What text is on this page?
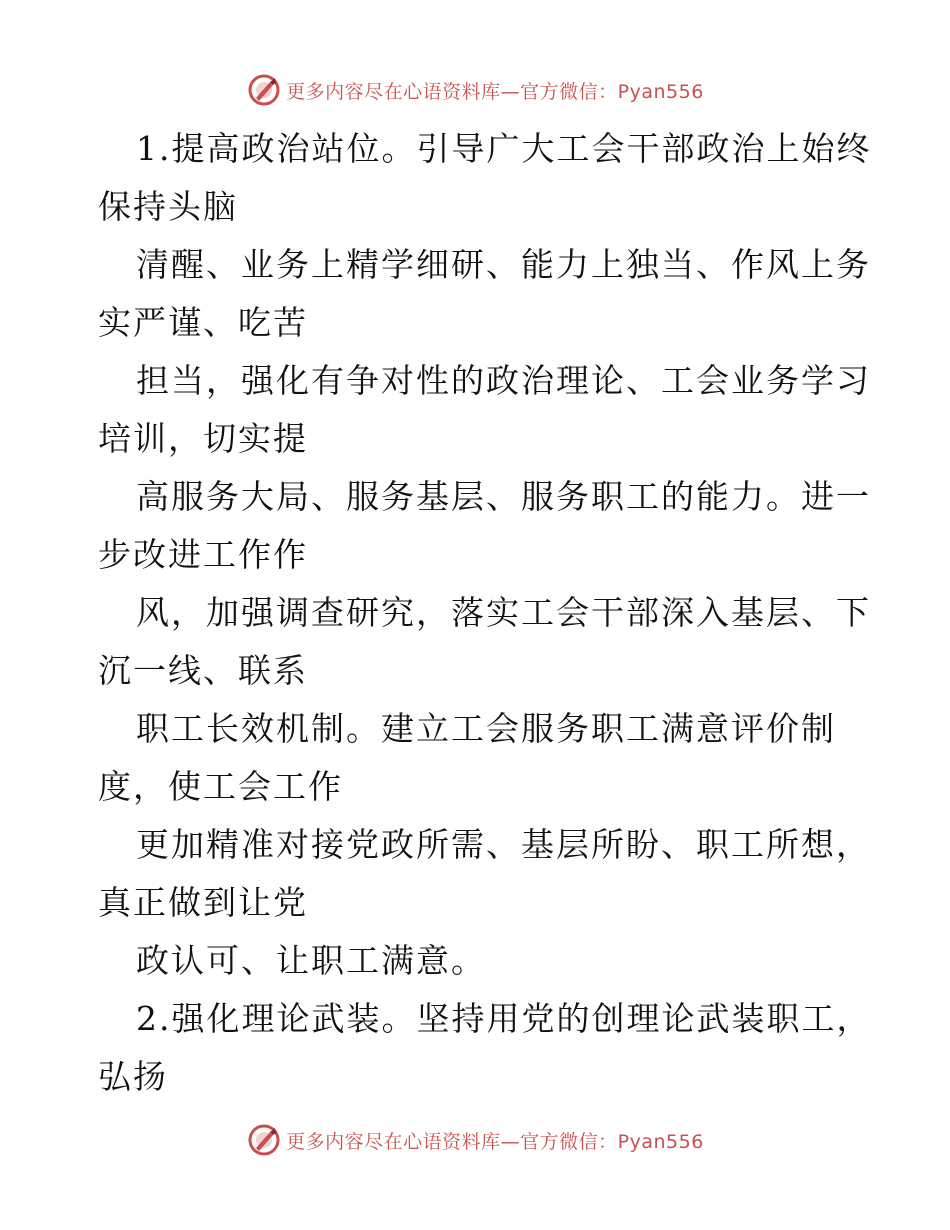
更多内容尽在心语资料库—官方微信：Pyan556
1.提高政治站位。引导广大工会干部政治上始终
保持头脑
清醒、业务上精学细研、能力上独当、作风上务
实严谨、吃苦
担当，强化有争对性的政治理论、工会业务学习
培训，切实提
高服务大局、服务基层、服务职工的能力。进一
步改进工作作
风，加强调查研究，落实工会干部深入基层、下
沉一线、联系
职工长效机制。建立工会服务职工满意评价制
度，使工会工作
更加精准对接党政所需、基层所盼、职工所想，
真正做到让党
政认可、让职工满意。
2.强化理论武装。坚持用党的创理论武装职工，
弘扬
更多内容尽在心语资料库—官方微信：Pyan556
